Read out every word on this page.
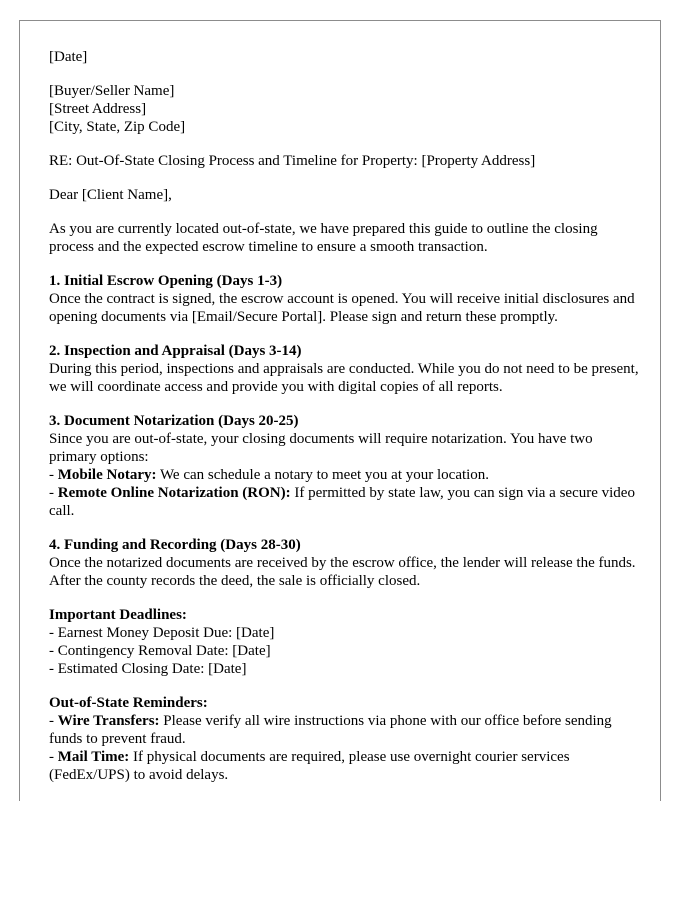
[Date]

[Buyer/Seller Name]

[Street Address]

[City, State, Zip Code]

RE: Out-Of-State Closing Process and Timeline for Property: [Property Address]

Dear [Client Name],

As you are currently located out-of-state, we have prepared this guide to outline the closing process and the expected escrow timeline to ensure a smooth transaction.

1. Initial Escrow Opening (Days 1-3)

Once the contract is signed, the escrow account is opened. You will receive initial disclosures and opening documents via [Email/Secure Portal]. Please sign and return these promptly.

2. Inspection and Appraisal (Days 3-14)

During this period, inspections and appraisals are conducted. While you do not need to be present, we will coordinate access and provide you with digital copies of all reports.

3. Document Notarization (Days 20-25)

Since you are out-of-state, your closing documents will require notarization. You have two primary options:

- Mobile Notary: We can schedule a notary to meet you at your location.

- Remote Online Notarization (RON): If permitted by state law, you can sign via a secure video call.

4. Funding and Recording (Days 28-30)

Once the notarized documents are received by the escrow office, the lender will release the funds. After the county records the deed, the sale is officially closed.

Important Deadlines:

- Earnest Money Deposit Due: [Date]

- Contingency Removal Date: [Date]

- Estimated Closing Date: [Date]

Out-of-State Reminders:

- Wire Transfers: Please verify all wire instructions via phone with our office before sending funds to prevent fraud.

- Mail Time: If physical documents are required, please use overnight courier services (FedEx/UPS) to avoid delays.
